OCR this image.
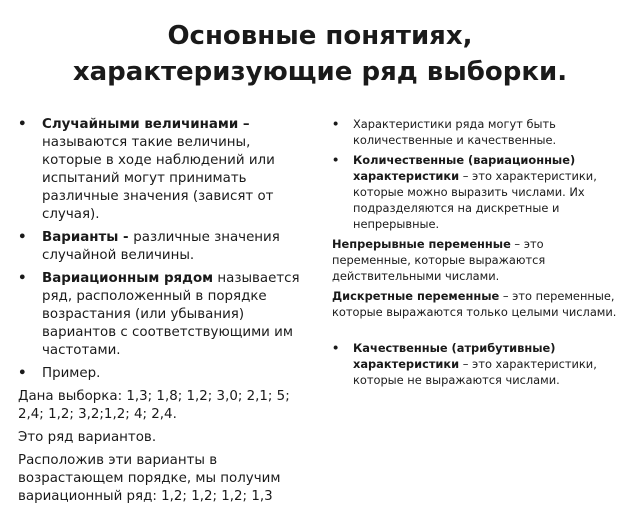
Основные понятиях,
характеризующие ряд выборки.
• Случайными величинами – называются такие величины, которые в ходе наблюдений или испытаний могут принимать различные значения (зависят от случая).
• Варианты - различные значения случайной величины.
• Вариационным рядом называется ряд, расположенный в порядке возрастания (или убывания) вариантов с соответствующими им частотами.
• Пример.

Дана выборка: 1,3; 1,8; 1,2; 3,0; 2,1; 5; 2,4; 1,2; 3,2;1,2; 4; 2,4.

Это ряд вариантов.

Расположив эти варианты в возрастающем порядке, мы получим вариационный ряд: 1,2; 1,2; 1,2; 1,3

• Характеристики ряда могут быть количественные и качественные.
• Количественные (вариационные) характеристики – это характеристики, которые можно выразить числами. Их подразделяются на дискретные и непрерывные.

Непрерывные переменные – это переменные, которые выражаются действительными числами.

Дискретные переменные – это переменные, которые выражаются только целыми числами.

• Качественные (атрибутивные) характеристики – это характеристики, которые не выражаются числами.
